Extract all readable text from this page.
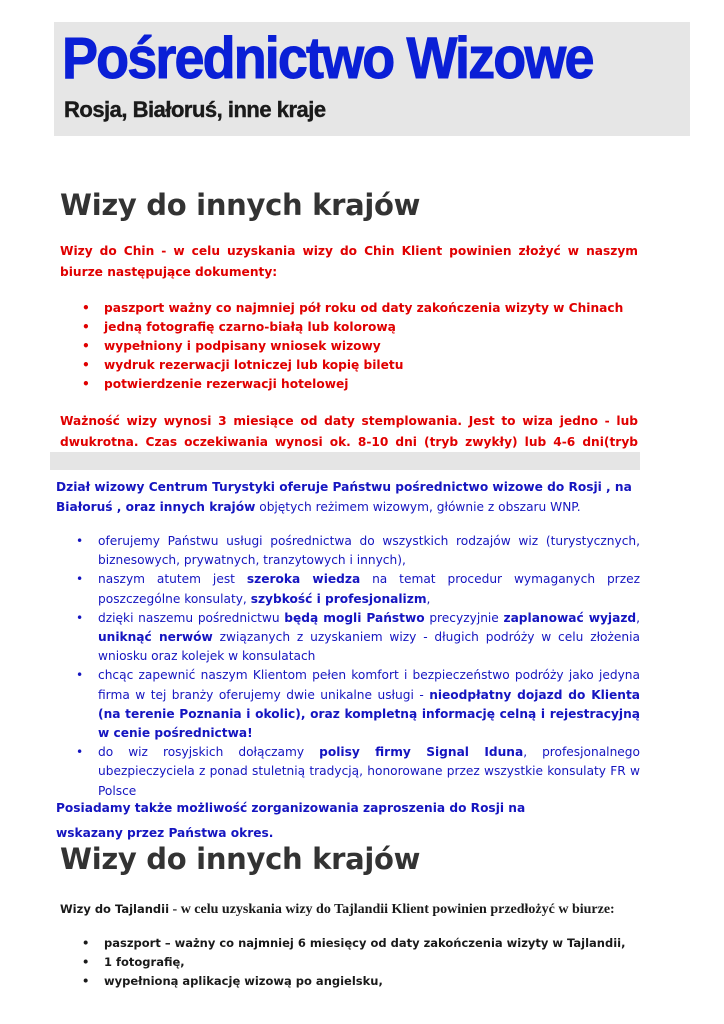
Pośrednictwo Wizowe
Rosja, Białoruś, inne kraje
Wizy do innych krajów
Wizy do Chin - w celu uzyskania wizy do Chin Klient powinien złożyć w naszym biurze następujące dokumenty:
• paszport ważny co najmniej pół roku od daty zakończenia wizyty w Chinach
• jedną fotografię czarno-białą lub kolorową
• wypełniony i podpisany wniosek wizowy
• wydruk rezerwacji lotniczej lub kopię biletu
• potwierdzenie rezerwacji hotelowej
Ważność wizy wynosi 3 miesiące od daty stemplowania. Jest to wiza jedno - lub dwukrotna. Czas oczekiwania wynosi ok. 8-10 dni (tryb zwykły) lub 4-6 dni(tryb
Dział wizowy Centrum Turystyki oferuje Państwu pośrednictwo wizowe do Rosji , na Białoruś , oraz innych krajów objętych reżimem wizowym, głównie z obszaru WNP.
• oferujemy Państwu usługi pośrednictwa do wszystkich rodzajów wiz (turystycznych, biznesowych, prywatnych, tranzytowych i innych),
• naszym atutem jest szeroka wiedza na temat procedur wymaganych przez poszczególne konsulaty, szybkość i profesjonalizm,
• dzięki naszemu pośrednictwu będą mogli Państwo precyzyjnie zaplanować wyjazd, uniknąć nerwów związanych z uzyskaniem wizy - długich podróży w celu złożenia wniosku oraz kolejek w konsulatach
• chcąc zapewnić naszym Klientom pełen komfort i bezpieczeństwo podróży jako jedyna firma w tej branży oferujemy dwie unikalne usługi - nieodpłatny dojazd do Klienta (na terenie Poznania i okolic), oraz kompletną informację celną i rejestracyjną w cenie pośrednictwa!
• do wiz rosyjskich dołączamy polisy firmy Signal Iduna, profesjonalnego ubezpieczyciela z ponad stuletnią tradycją, honorowane przez wszystkie konsulaty FR w Polsce
Posiadamy także możliwość zorganizowania zaproszenia do Rosji na wskazany przez Państwa okres.
Wizy do innych krajów
Wizy do Tajlandii - w celu uzyskania wizy do Tajlandii Klient powinien przedłożyć w biurze:
• paszport – ważny co najmniej 6 miesięcy od daty zakończenia wizyty w Tajlandii,
• 1 fotografię,
• wypełnioną aplikację wizową po angielsku,
